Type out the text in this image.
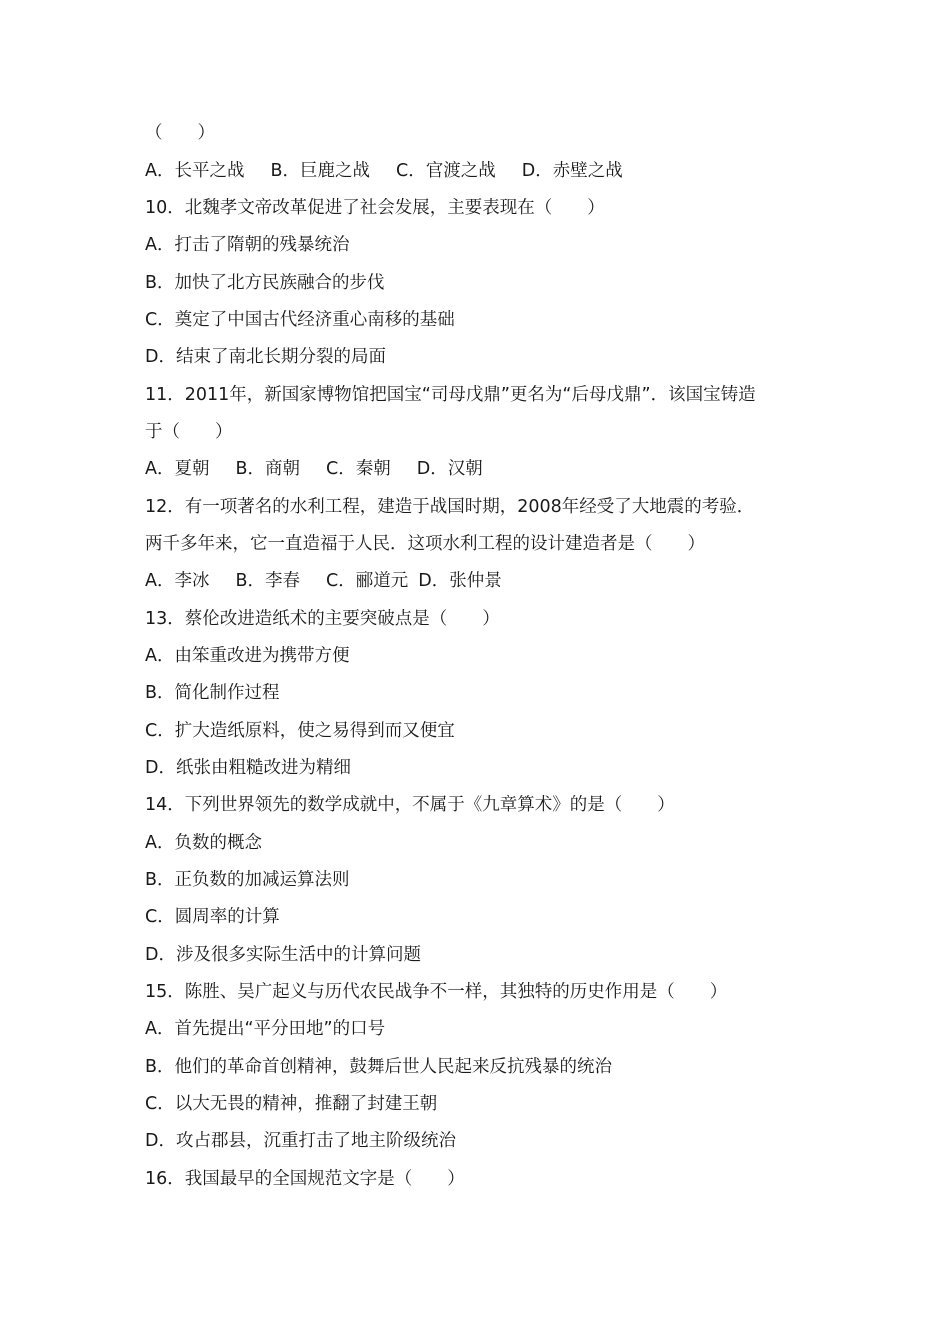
（　　）
A．长平之战 B．巨鹿之战 C．官渡之战 D．赤壁之战
10．北魏孝文帝改革促进了社会发展，主要表现在（　　）
A．打击了隋朝的残暴统治
B．加快了北方民族融合的步伐
C．奠定了中国古代经济重心南移的基础
D．结束了南北长期分裂的局面
11．2011年，新国家博物馆把国宝“司母戊鼎”更名为“后母戊鼎”．该国宝铸造
于（　　）
A．夏朝 B．商朝 C．秦朝 D．汉朝
12．有一项著名的水利工程，建造于战国时期，2008年经受了大地震的考验．
两千多年来，它一直造福于人民．这项水利工程的设计建造者是（　　）
A．李冰 B．李春 C．郦道元 D．张仲景
13．蔡伦改进造纸术的主要突破点是（　　）
A．由笨重改进为携带方便
B．简化制作过程
C．扩大造纸原料，使之易得到而又便宜
D．纸张由粗糙改进为精细
14．下列世界领先的数学成就中，不属于《九章算术》的是（　　）
A．负数的概念
B．正负数的加减运算法则
C．圆周率的计算
D．涉及很多实际生活中的计算问题
15．陈胜、吴广起义与历代农民战争不一样，其独特的历史作用是（　　）
A．首先提出“平分田地”的口号
B．他们的革命首创精神，鼓舞后世人民起来反抗残暴的统治
C．以大无畏的精神，推翻了封建王朝
D．攻占郡县，沉重打击了地主阶级统治
16．我国最早的全国规范文字是（　　）
